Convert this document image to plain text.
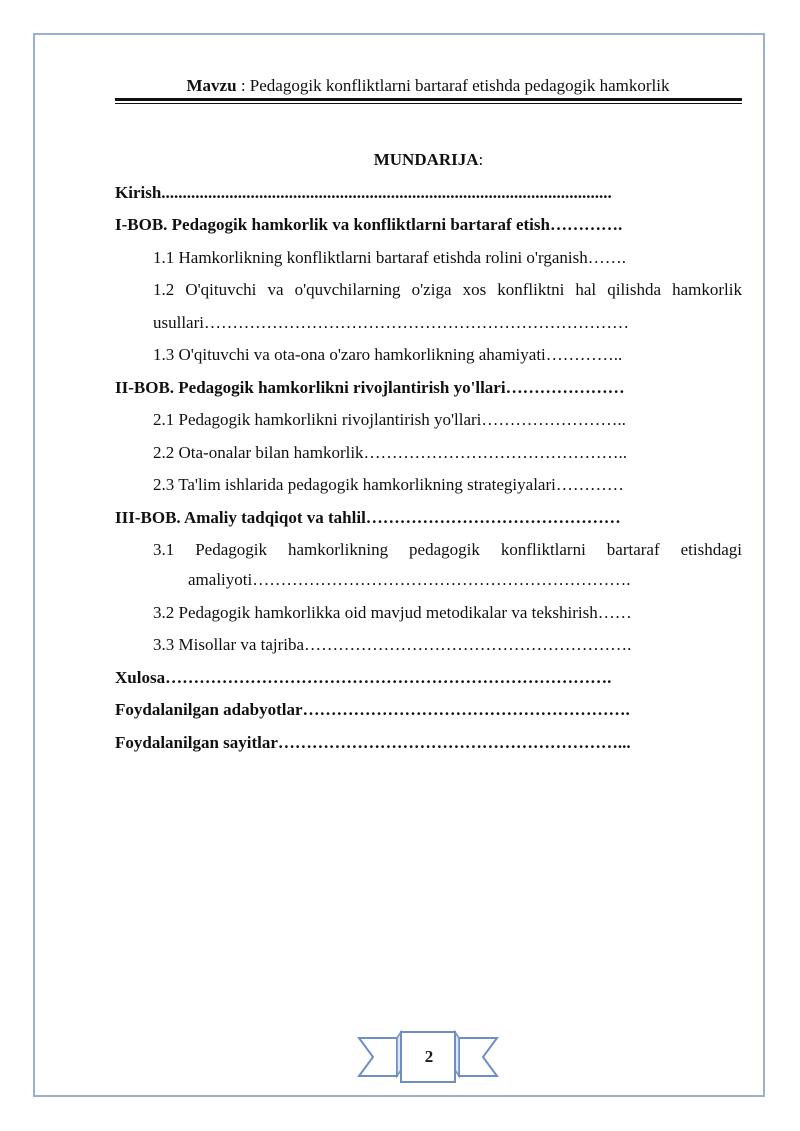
Mavzu : Pedagogik konfliktlarni bartaraf etishda pedagogik hamkorlik
MUNDARIJA:
Kirish..........................................................................................................
I-BOB. Pedagogik hamkorlik va konfliktlarni bartaraf etish………….
1.1 Hamkorlikning konfliktlarni bartaraf etishda rolini o'rganish…….
1.2 O'qituvchi va o'quvchilarning o'ziga xos konfliktni hal qilishda hamkorlik
usullari…………………………………………………………………
1.3 O'qituvchi va ota-ona o'zaro hamkorlikning ahamiyati…………..
II-BOB. Pedagogik hamkorlikni rivojlantirish yo'llari…………………
2.1 Pedagogik hamkorlikni rivojlantirish yo'llari……………………..
2.2 Ota-onalar bilan hamkorlik………………………………………..
2.3 Ta'lim ishlarida pedagogik hamkorlikning strategiyalari…………
III-BOB. Amaliy tadqiqot va tahlil………………………………………
3.1 Pedagogik hamkorlikning pedagogik konfliktlarni bartaraf etishdagi
amaliyoti………………………………………………………….
3.2 Pedagogik hamkorlikka oid mavjud metodikalar va tekshirish……
3.3 Misollar va tajriba………………………………………………….
Xulosa…………………………………………………………………….
Foydalanilgan adabyotlar………………………………………………….
Foydalanilgan sayitlar……………………………………………………...
2
